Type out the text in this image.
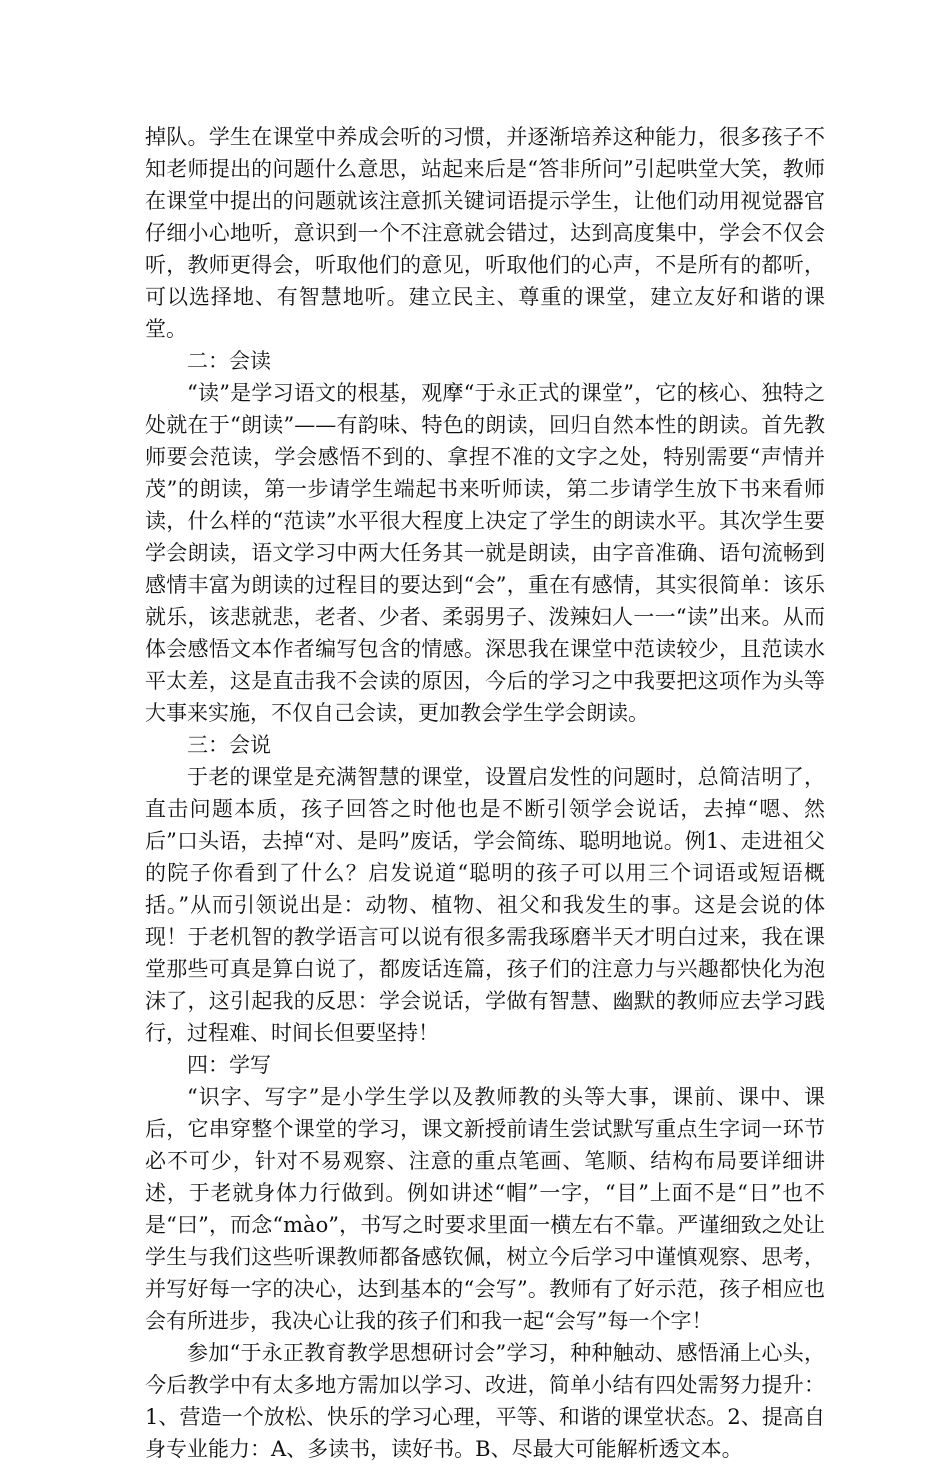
掉队。学生在课堂中养成会听的习惯，并逐渐培养这种能力，很多孩子不知老师提出的问题什么意思，站起来后是“答非所问”引起哄堂大笑，教师在课堂中提出的问题就该注意抓关键词语提示学生，让他们动用视觉器官仔细小心地听，意识到一个不注意就会错过，达到高度集中，学会不仅会听，教师更得会，听取他们的意见，听取他们的心声，不是所有的都听，可以选择地、有智慧地听。建立民主、尊重的课堂，建立友好和谐的课堂。

二：会读

“读”是学习语文的根基，观摩“于永正式的课堂”，它的核心、独特之处就在于“朗读”——有韵味、特色的朗读，回归自然本性的朗读。首先教师要会范读，学会感悟不到的、拿捏不准的文字之处，特别需要“声情并茂”的朗读，第一步请学生端起书来听师读，第二步请学生放下书来看师读，什么样的“范读”水平很大程度上决定了学生的朗读水平。其次学生要学会朗读，语文学习中两大任务其一就是朗读，由字音准确、语句流畅到感情丰富为朗读的过程目的要达到“会”，重在有感情，其实很简单：该乐就乐，该悲就悲，老者、少者、柔弱男子、泼辣妇人一一“读”出来。从而体会感悟文本作者编写包含的情感。深思我在课堂中范读较少，且范读水平太差，这是直击我不会读的原因，今后的学习之中我要把这项作为头等大事来实施，不仅自己会读，更加教会学生学会朗读。

三：会说

于老的课堂是充满智慧的课堂，设置启发性的问题时，总简洁明了，直击问题本质，孩子回答之时他也是不断引领学会说话，去掉“嗯、然后”口头语，去掉“对、是吗”废话，学会简练、聪明地说。例1、走进祖父的院子你看到了什么？启发说道“聪明的孩子可以用三个词语或短语概括。”从而引领说出是：动物、植物、祖父和我发生的事。这是会说的体现！于老机智的教学语言可以说有很多需我琢磨半天才明白过来，我在课堂那些可真是算白说了，都废话连篇，孩子们的注意力与兴趣都快化为泡沫了，这引起我的反思：学会说话，学做有智慧、幽默的教师应去学习践行，过程难、时间长但要坚持！

四：学写

“识字、写字”是小学生学以及教师教的头等大事，课前、课中、课后，它串穿整个课堂的学习，课文新授前请生尝试默写重点生字词一环节必不可少，针对不易观察、注意的重点笔画、笔顺、结构布局要详细讲述，于老就身体力行做到。例如讲述“帽”一字，“目”上面不是“日”也不是“曰”，而念“mào”，书写之时要求里面一横左右不靠。严谨细致之处让学生与我们这些听课教师都备感钦佩，树立今后学习中谨慎观察、思考，并写好每一字的决心，达到基本的“会写”。教师有了好示范，孩子相应也会有所进步，我决心让我的孩子们和我一起“会写”每一个字！

参加“于永正教育教学思想研讨会”学习，种种触动、感悟涌上心头，今后教学中有太多地方需加以学习、改进，简单小结有四处需努力提升：1、营造一个放松、快乐的学习心理，平等、和谐的课堂状态。2、提高自身专业能力：A、多读书，读好书。B、尽最大可能解析透文本。
